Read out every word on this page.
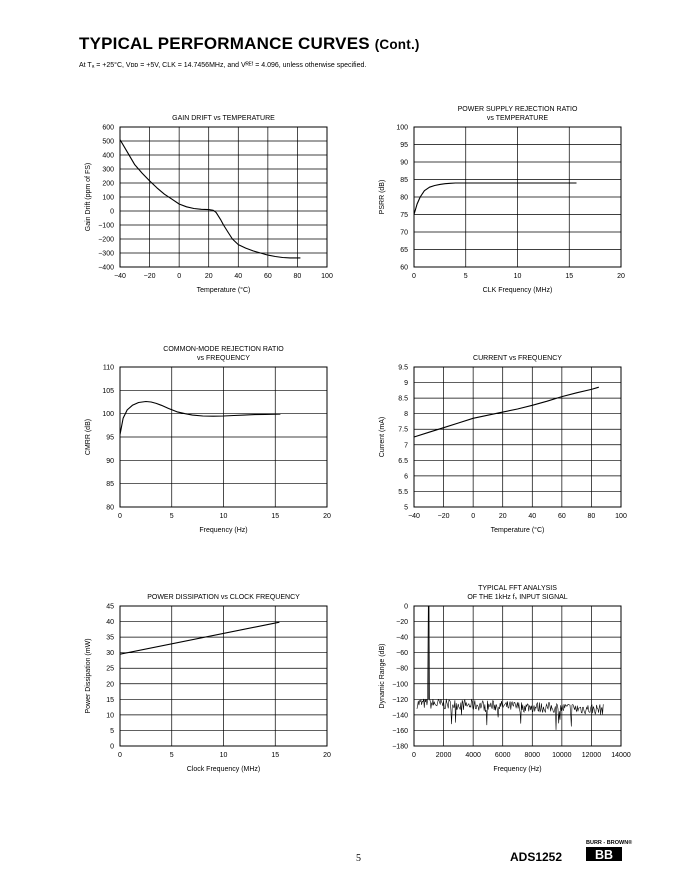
TYPICAL PERFORMANCE CURVES (Cont.)
At Tₐ = +25°C, Vᴅᴅ = +5V, CLK = 14.7456MHz, and Vᴿᴱᶠ = 4.096, unless otherwise specified.
GAIN DRIFT vs TEMPERATURE
−40	−20	0	20	40	60	80	100
600
500
400
300
200
100
0
−100
−200
−300
−400
Temperature (°C)
Gain Drift (ppm of FS)
POWER SUPPLY REJECTION RATIO
vs TEMPERATURE
0	5	10	15	20
100
95
90
85
80
75
70
65
60
CLK Frequency (MHz)
PSRR (dB)
COMMON-MODE REJECTION RATIO
vs FREQUENCY
0	5	10	15	20
110
105
100
95
90
85
80
Frequency (Hz)
CMRR (dB)
CURRENT vs FREQUENCY
−40	−20	0	20	40	60	80	100
9.5
9
8.5
8
7.5
7
6.5
6
5.5
5
Temperature (°C)
Current (mA)
POWER DISSIPATION vs CLOCK FREQUENCY
0	5	10	15	20
45
40
35
30
25
20
15
10
5
0
Clock Frequency (MHz)
Power Dissipation (mW)
TYPICAL FFT ANALYSIS
OF THE 1kHz fₛ INPUT SIGNAL
0	2000 4000 6000 8000 10000 12000 14000
0
−20
−40
−60
−80
−100
−120
−140
−160
−180
Frequency (Hz)
Dynamic Range (dB)
5	ADS1252
BURR - BROWN®
BB
